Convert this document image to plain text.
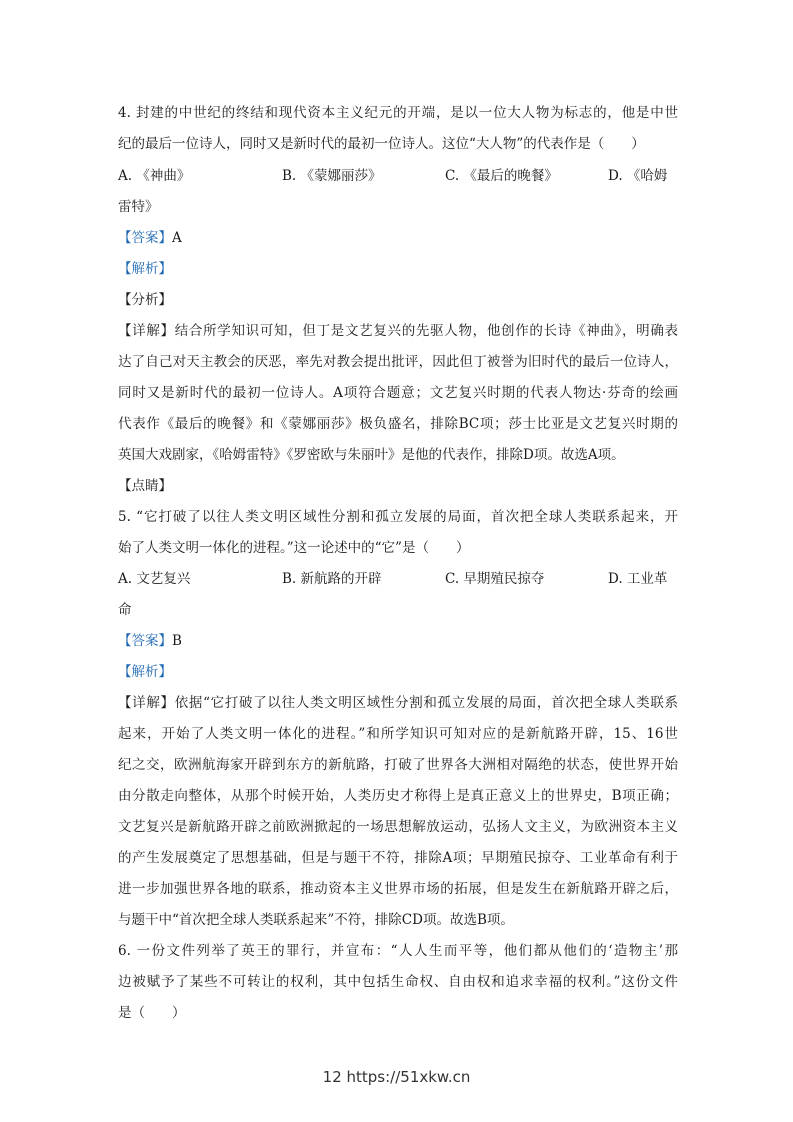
4. 封建的中世纪的终结和现代资本主义纪元的开端，是以一位大人物为标志的，他是中世
纪的最后一位诗人，同时又是新时代的最初一位诗人。这位“大人物”的代表作是（　　）
A. 《神曲》	B. 《蒙娜丽莎》	C. 《最后的晚餐》	D. 《哈姆
雷特》
【答案】A
【解析】
【分析】
【详解】结合所学知识可知，但丁是文艺复兴的先驱人物，他创作的长诗《神曲》，明确表
达了自己对天主教会的厌恶，率先对教会提出批评，因此但丁被誉为旧时代的最后一位诗人，
同时又是新时代的最初一位诗人。A项符合题意；文艺复兴时期的代表人物达·芬奇的绘画
代表作《最后的晚餐》和《蒙娜丽莎》极负盛名，排除BC项；莎士比亚是文艺复兴时期的
英国大戏剧家，《哈姆雷特》《罗密欧与朱丽叶》是他的代表作，排除D项。故选A项。
【点睛】
5. “它打破了以往人类文明区域性分割和孤立发展的局面，首次把全球人类联系起来，开
始了人类文明一体化的进程。”这一论述中的“它”是（　　）
A. 文艺复兴	B. 新航路的开辟	C. 早期殖民掠夺	D. 工业革
命
【答案】B
【解析】
【详解】依据“它打破了以往人类文明区域性分割和孤立发展的局面，首次把全球人类联系
起来，开始了人类文明一体化的进程。”和所学知识可知对应的是新航路开辟，15、16世
纪之交，欧洲航海家开辟到东方的新航路，打破了世界各大洲相对隔绝的状态，使世界开始
由分散走向整体，从那个时候开始，人类历史才称得上是真正意义上的世界史，B项正确；
文艺复兴是新航路开辟之前欧洲掀起的一场思想解放运动，弘扬人文主义，为欧洲资本主义
的产生发展奠定了思想基础，但是与题干不符，排除A项；早期殖民掠夺、工业革命有利于
进一步加强世界各地的联系，推动资本主义世界市场的拓展，但是发生在新航路开辟之后，
与题干中“首次把全球人类联系起来”不符，排除CD项。故选B项。
6. 一份文件列举了英王的罪行，并宣布：“人人生而平等，他们都从他们的‘造物主’那
边被赋予了某些不可转让的权利，其中包括生命权、自由权和追求幸福的权利。”这份文件
是（　　）
12 https://51xkw.cn
